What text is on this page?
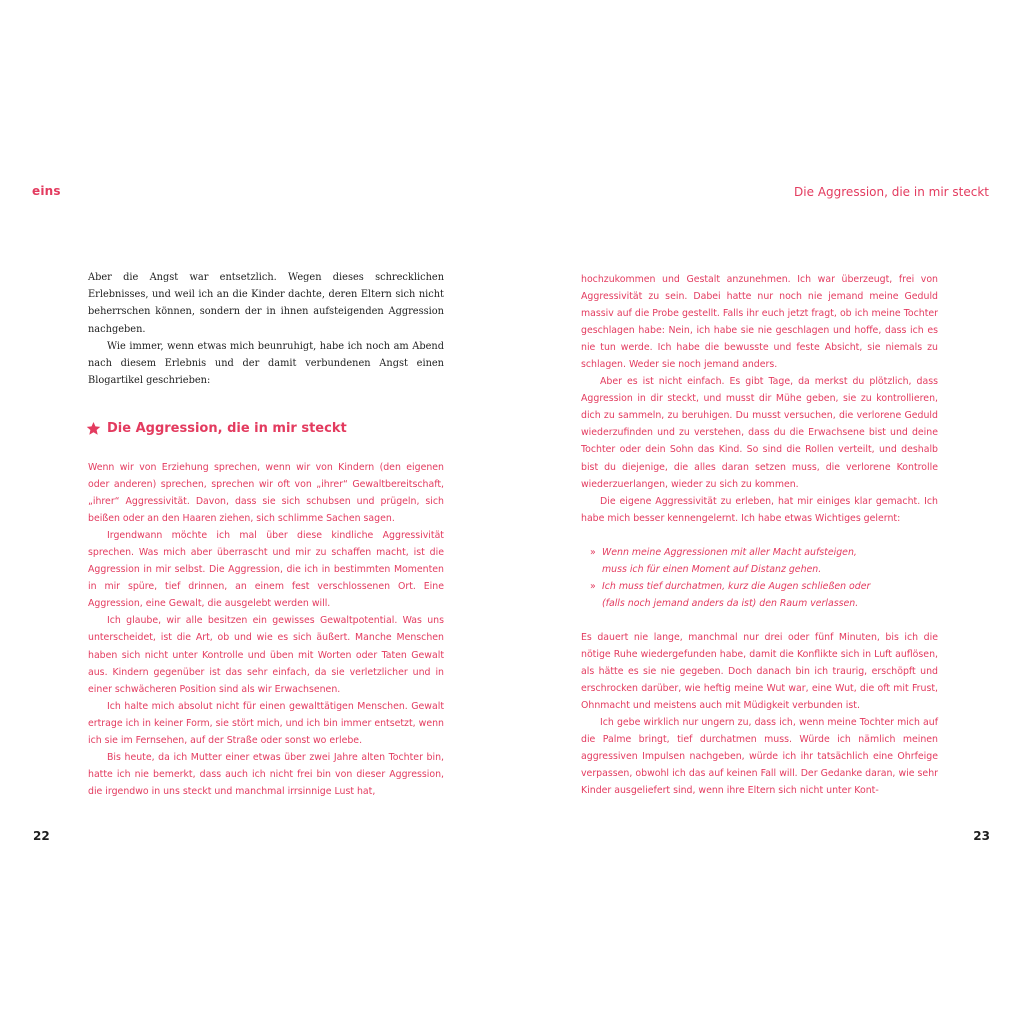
eins	Die Aggression, die in mir steckt

Aber die Angst war entsetzlich. Wegen dieses schrecklichen Erlebnisses, und weil ich an die Kinder dachte, deren Eltern sich nicht beherrschen können, sondern der in ihnen aufsteigenden Aggression nachgeben.

Wie immer, wenn etwas mich beunruhigt, habe ich noch am Abend nach diesem Erlebnis und der damit verbundenen Angst einen Blogartikel geschrieben:

Die Aggression, die in mir steckt

Wenn wir von Erziehung sprechen, wenn wir von Kindern (den eigenen oder anderen) sprechen, sprechen wir oft von „ihrer“ Gewaltbereitschaft, „ihrer“ Aggressivität. Davon, dass sie sich schubsen und prügeln, sich beißen oder an den Haaren ziehen, sich schlimme Sachen sagen.

Irgendwann möchte ich mal über diese kindliche Aggressivität sprechen. Was mich aber überrascht und mir zu schaffen macht, ist die Aggression in mir selbst. Die Aggression, die ich in bestimmten Momenten in mir spüre, tief drinnen, an einem fest verschlossenen Ort. Eine Aggression, eine Gewalt, die ausgelebt werden will.

Ich glaube, wir alle besitzen ein gewisses Gewaltpotential. Was uns unterscheidet, ist die Art, ob und wie es sich äußert. Manche Menschen haben sich nicht unter Kontrolle und üben mit Worten oder Taten Gewalt aus. Kindern gegenüber ist das sehr einfach, da sie verletzlicher und in einer schwächeren Position sind als wir Erwachsenen.

Ich halte mich absolut nicht für einen gewalttätigen Menschen. Gewalt ertrage ich in keiner Form, sie stört mich, und ich bin immer entsetzt, wenn ich sie im Fernsehen, auf der Straße oder sonst wo erlebe.

Bis heute, da ich Mutter einer etwas über zwei Jahre alten Tochter bin, hatte ich nie bemerkt, dass auch ich nicht frei bin von dieser Aggression, die irgendwo in uns steckt und manchmal irrsinnige Lust hat,

22

hochzukommen und Gestalt anzunehmen. Ich war überzeugt, frei von Aggressivität zu sein. Dabei hatte nur noch nie jemand meine Geduld massiv auf die Probe gestellt. Falls ihr euch jetzt fragt, ob ich meine Tochter geschlagen habe: Nein, ich habe sie nie geschlagen und hoffe, dass ich es nie tun werde. Ich habe die bewusste und feste Absicht, sie niemals zu schlagen. Weder sie noch jemand anders.

Aber es ist nicht einfach. Es gibt Tage, da merkst du plötzlich, dass Aggression in dir steckt, und musst dir Mühe geben, sie zu kontrollieren, dich zu sammeln, zu beruhigen. Du musst versuchen, die verlorene Geduld wiederzufinden und zu verstehen, dass du die Erwachsene bist und deine Tochter oder dein Sohn das Kind. So sind die Rollen verteilt, und deshalb bist du diejenige, die alles daran setzen muss, die verlorene Kontrolle wiederzuerlangen, wieder zu sich zu kommen.

Die eigene Aggressivität zu erleben, hat mir einiges klar gemacht. Ich habe mich besser kennengelernt. Ich habe etwas Wichtiges gelernt:

» Wenn meine Aggressionen mit aller Macht aufsteigen,
muss ich für einen Moment auf Distanz gehen.
» Ich muss tief durchatmen, kurz die Augen schließen oder
(falls noch jemand anders da ist) den Raum verlassen.

Es dauert nie lange, manchmal nur drei oder fünf Minuten, bis ich die nötige Ruhe wiedergefunden habe, damit die Konflikte sich in Luft auflösen, als hätte es sie nie gegeben. Doch danach bin ich traurig, erschöpft und erschrocken darüber, wie heftig meine Wut war, eine Wut, die oft mit Frust, Ohnmacht und meistens auch mit Müdigkeit verbunden ist.

Ich gebe wirklich nur ungern zu, dass ich, wenn meine Tochter mich auf die Palme bringt, tief durchatmen muss. Würde ich nämlich meinen aggressiven Impulsen nachgeben, würde ich ihr tatsächlich eine Ohrfeige verpassen, obwohl ich das auf keinen Fall will. Der Gedanke daran, wie sehr Kinder ausgeliefert sind, wenn ihre Eltern sich nicht unter Kont-

23
